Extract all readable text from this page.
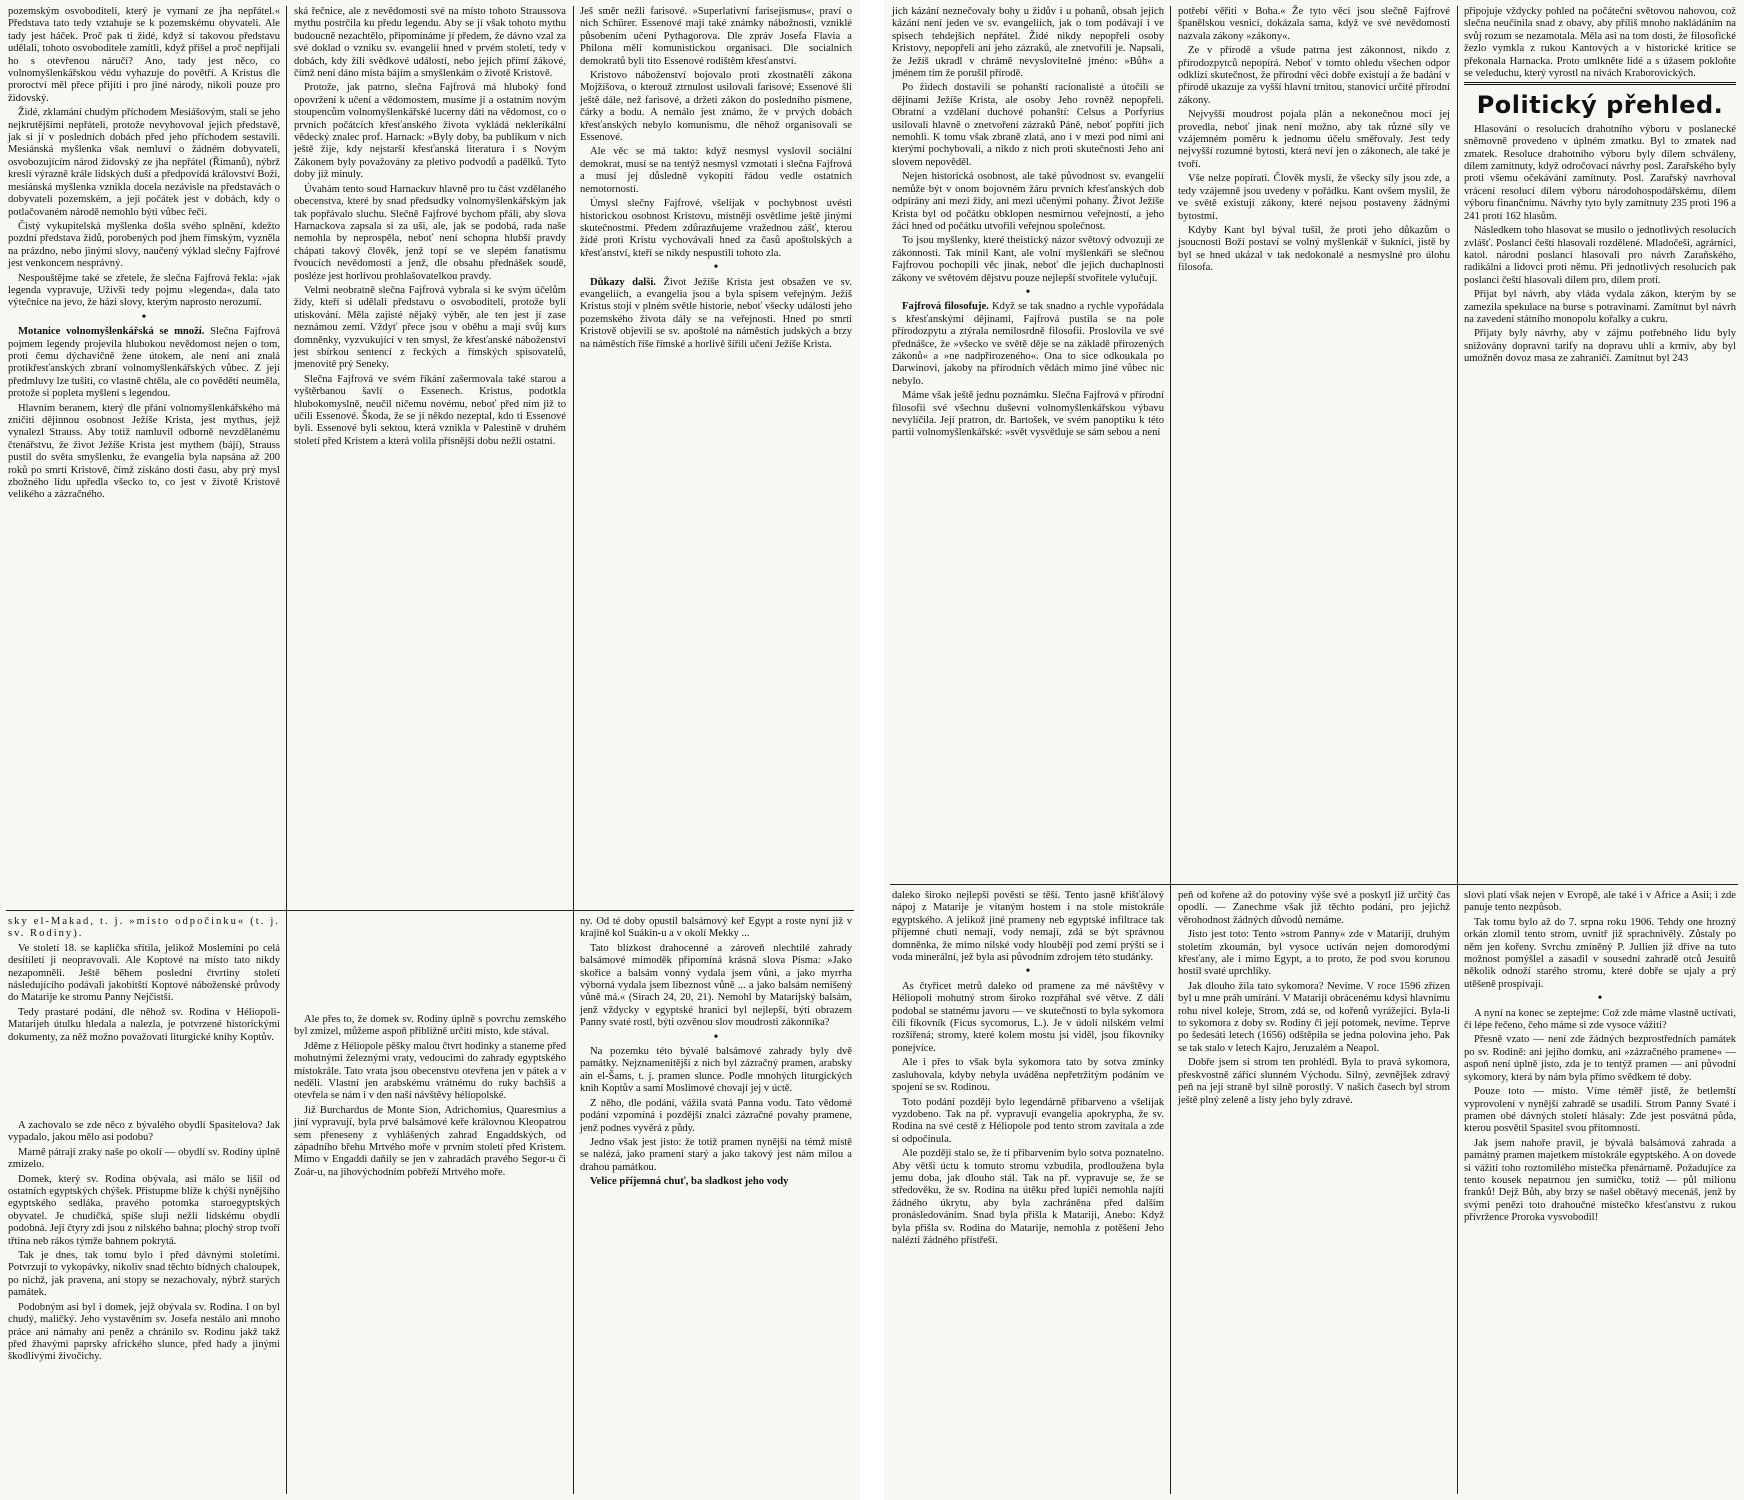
pozemským osvoboditeli, který je vymaní ze jha nepřátel.« Představa tato tedy vztahuje se k pozemskému obyvateli. Ale tady jest háček. Proč pak ti židé, když si takovou představu udělali, tohoto osvoboditele zamítli, když přišel a proč nepřijali ho s otevřenou náručí? Ano, tady jest něco, co volnomyšlenkářskou védu vyhazuje do povětří. A Kristus dle proroctví měl přece přijíti i pro jiné národy, nikoli pouze pro židovský.

Židé, zklamání chudým příchodem Mesiášovým, stali se jeho nejkrutějšími nepřáteli, protože nevyhovoval jejich představě, jak si jí v posledních dobách před jeho příchodem sestavili. Mesiánská myšlenka však nemluví o žádném dobyvateli, osvobozujícím národ židovský ze jha nepřátel (Římanů), nýbrž kreslí výrazně krále lidských duší a předpovídá království Boží, mesiánská myšlenka vznikla docela nezávisle na představách o dobyvateli pozemském, a její počátek jest v dobách, kdy o potlačovaném národě nemohlo býti vůbec řeči.

Čistý vykupitelská myšlenka došla svého splnění, kdežto pozdní představa židů, porobených pod jhem římským, vyzněla na prázdno, nebo jinými slovy, naučený výklad slečny Fajfrové jest venkoncem nesprávný.

Nespouštějme také se zřetele, že slečna Fajfrová řekla: »jak legenda vypravuje, Uživši tedy pojmu »legenda«, dala tato výtečnice na jevo, že házi slovy, kterým naprosto nerozumí.

•

Motanice volnomyšlenkářská se množí. Slečna Fajfrová pojmem legendy projevila hlubokou nevědomost nejen o tom, proti čemu dýchavičně žene útokem, ale není ani znalá protikřesťanských zbraní volnomyšlenkářských vůbec. Z její předmluvy lze tušiti, co vlastně chtěla, ale co povědětí neuměla, protože si popleta myšlení s legendou.

Hlavním beranem, který dle přání volnomyšlenkářského má zničiti dějinnou osobnost Ježíše Krista, jest mythus, jejž vynalezl Strauss. Aby totiž namluvil odborně nevzdělanému čtenářstvu, že život Ježíše Krista jest mythem (bájí), Strauss pustil do světa smyšlenku, že evangelia byla napsána až 200 roků po smrti Kristově, čímž získáno dosti času, aby prý mysl zbožného lidu upředla všecko to, co jest v životě Kristově velikého a zázračného.

sky el-Makad, t. j. »místo odpočinku« (t. j. sv. Rodiny).

Ve století 18. se kaplička sřítila, jelikož Moslemíni po celá desítiletí ji neopravovali. Ale Koptové na místo tato nikdy nezapomněli. Ještě během poslední čtvrtiny století následujícího podávali jakobitští Koptové náboženské průvody do Matarije ke stromu Panny Nejčistší.

Tedy prastaré podání, dle něhož sv. Rodina v Héliopoli-Matarijeh útulku hledala a nalezla, je potvrzené historickými dokumenty, za něž možno považovati liturgické knihy Koptův.

A zachovalo se zde něco z bývalého obydlí Spasitelova? Jak vypadalo, jakou mělo asi podobu?

Marně pátrají zraky naše po okolí — obydlí sv. Rodiny úplně zmizelo.

Domek, který sv. Rodina obývala, asi málo se lišil od ostatních egyptských chýšek. Přistupme blíže k chýši nynějšího egyptského sedláka, pravého potomka staroegyptských obyvatel. Je chudičká, spíše sluji nežli lidskému obydlí podobná. Její čtyry zdi jsou z nilského bahna; plochý strop tvoří třtina neb rákos týmže bahnem pokrytá.

Tak je dnes, tak tomu bylo i před dávnými stoletími. Potvrzují to vykopávky, nikoliv snad těchto bídných chaloupek, po nichž, jak pravena, ani stopy se nezachovaly, nýbrž starých památek.

Podobným asi byl i domek, jejž obývala sv. Rodina. I on byl chudý, maličký. Jeho vystavěním sv. Josefa nestálo ani mnoho práce ani námahy ani peněz a chránilo sv. Rodinu jakž takž před žhavými paprsky afrického slunce, před hady a jinými škodlivými živočichy.

ská řečnice, ale z nevědomosti své na místo tohoto Straussova mythu postrčila ku předu legendu. Aby se jí však tohoto mythu budoucně nezachtělo, připomínáme jí předem, že dávno vzal za své doklad o vzniku sv. evangelií hned v prvém století, tedy v dobách, kdy žili svědkové událostí, nebo jejich přímí žákové, čímž není dáno místa bájím a smyšlenkám o životě Kristově.

Protože, jak patrno, slečna Fajfrová má hluboký fond opovržení k učení a vědomostem, musíme jí a ostatním novým stoupencům volnomyšlenkářské lucerny dáti na vědomost, co o prvních počátcích křesťanského života vykládá nekleríkální vědecký znalec prof. Harnack: »Byly doby, ba publikum v nich ještě žije, kdy nejstarší křesťanská literatura i s Novým Zákonem byly považovány za pletivo podvodů a padělků. Tyto doby již minuly.

Úvahám tento soud Harnackuv hlavně pro tu část vzdělaného obecenstva, které by snad předsudky volnomyšlenkářským jak tak popřávalo sluchu. Slečně Fajfrové bychom přáli, aby slova Harnackova zapsala si za uši, ale, jak se podobá, rada naše nemohla by neprospěla, neboť není schopna hlubší pravdy chápati takový člověk, jenž topí se ve slepém fanatismu řvoucích nevědomostí a jenž, dle obsahu přednášek soudě, posléze jest horlivou prohlašovatelkou pravdy.

Velmi neobratně slečna Fajfrová vybrala si ke svým účelům židy, kteří si udělali představu o osvoboditeli, protože byli utiskování. Měla zajisté nějaký výběr, ale ten jest jí zase neznámou zemí. Vždyť přece jsou v oběhu a mají svůj kurs domněnky, vyzvukující v ten smysl, že křesťanské náboženství jest sbírkou sentencí z řeckých a římských spisovatelů, jmenovitě prý Seneky.

Slečna Fajfrová ve svém říkání zašermovala také starou a vyštěrbanou šavlí o Essenech. Kristus, podotkla hlubokomyslně, neučil ničemu novému, neboť před ním již to učili Essenové. Škoda, že se jí někdo nezeptal, kdo ti Essenové byli. Essenové byli sektou, která vznikla v Palestině v druhém století před Kristem a která volila přísnější dobu nežli ostatní.

Ale přes to, že domek sv. Rodiny úplně s povrchu zemského byl zmizel, můžeme aspoň přibližně určiti místo, kde stával.

Jděme z Héliopole pěšky malou čtvrt hodinky a staneme před mohutnými železnými vraty, vedoucími do zahrady egyptského místokrále. Tato vrata jsou obecenstvu otevřena jen v pátek a v neděli. Vlastní jen arabskému vrátnému do ruky bachšiš a otevřela se nám i v den naší návštěvy héliopolské.

Již Burchardus de Monte Sion, Adrichomius, Quaresmius a jiní vypravují, byla prvé balsámové keře královnou Kleopatrou sem přeneseny z vyhlášených zahrad Engaddských, od západního břehu Mrtvého moře v prvním století před Kristem. Mimo v Engaddi daňily se jen v zahradách pravého Segor-u či Zoár-u, na jihovýchodním pobřeží Mrtvého moře.

Ješ směr nežli farisové. »Superlativní farisejismus«, praví o nich Schürer. Essenové mají také známky nábožnosti, vzniklé působením učení Pythagorova. Dle zpráv Josefa Flavia a Philona měli komunistickou organisaci. Dle socialních demokratů byli tito Essenové rodištěm křesťanství.

Kristovo náboženství bojovalo proti zkostnatělí zákona Mojžíšova, o kterouž ztrnulost usilovali farisové; Essenové šli ještě dále, než farisové, a držeti zákon do posledního písmene, čárky a bodu. A nemálo jest známo, že v prvých dobách křesťanských nebylo komunismu, dle něhož organisovali se Essenové.

Ale věc se má takto: když nesmysl vyslovil sociální demokrat, musí se na tentýž nesmysl vzmotati i slečna Fajfrová a musí jej důsledně vykopíti řádou vedle ostatních nemotorností.

Úmysl slečny Fajfrové, všelijak v pochybnost uvésti historickou osobnost Kristovu, místněji osvětlime ještě jinými skutečnostmi. Předem zdůrazňujeme vražednou zášť, kterou židé proti Kristu vychovávali hned za časů apoštolských a křesťanství, kteří se nikdy nespustili tohoto zla.

•

Důkazy dalši. Život Ježíše Krista jest obsažen ve sv. evangeliích, a evangelia jsou a byla spisem veřejným. Ježíš Kristus stojí v plném světle historie, neboť všecky události jeho pozemského života dály se na veřejnosti. Hned po smrti Kristově objevili se sv. apoštolé na náměstích judských a brzy na náměstích říše římské a horlivě šířili učení Ježíše Krista.

ny. Od té doby opustil balsámový keř Egypt a roste nyní již v krajině kol Suákin-u a v okolí Mekky ...

Tato blízkost drahocenné a zároveň nlechtilé zahrady balsámové mimoděk připomíná krásná slova Písma: »Jako skořice a balsám vonný vydala jsem vůni, a jako myrrha výborná vydala jsem libeznost vůně ... a jako balsám nemíšený vůně má.« (Sirach 24, 20, 21). Nemohl by Matarijský balsám, jenž vždycky v egyptské hranici byl nejlepší, býti obrazem Panny svaté rostl, býti ozvěnou slov moudrosti zákonníka?

•

Na pozemku této bývalé balsámové zahrady byly dvě památky. Nejznamenitější z nich byl zázračný pramen, arabsky ain el-Šams, t. j. pramen slunce. Podle mnohých liturgických knih Koptův a samí Moslimové chovají jej v úctě.

Z něho, dle podání, vážila svatá Panna vodu. Tato vědomé podání vzpomíná i pozdější znalci zázračné povahy pramene, jenž podnes vyvěrá z půdy.

Jedno však jest jisto: že totiž pramen nynější na témž místě se nalézá, jako prameni starý a jako takový jest nám milou a drahou památkou.

Velice příjemná chuť, ba sladkost jeho vody

jich kázání neznečovaly bohy u židův i u pohanů, obsah jejich kázání není jeden ve sv. evangeliích, jak o tom podávají i ve spisech tehdejších nepřátel. Židé nikdy nepopřeli osoby Kristovy, nepopřeli ani jeho zázraků, ale znetvořili je. Napsali, že Ježíš ukradl v chrámě nevysloviteIné jméno: »Bůh« a jménem tím že porušil přírodě.

Po židech dostavili se pohanští racionalisté a útočili se dějinami Ježíše Krista, ale osoby Jeho rovněž nepopřeli. Obratní a vzdělaní duchové pohanští: Celsus a Porfyrius usilovali hlavně o znetvoření zázraků Páně, neboť popříti jich nemohli. K tomu však zbraně zlatá, ano i v mezi pod nimi ani kterými pochybovali, a nikdo z nich proti skutečnosti Jeho ani slovem nepověděl.

Nejen historická osobnost, ale také původnost sv. evangelií nemůže být v onom bojovném žáru prvních křesťanských dob odpírány ani mezi židy, ani mezi učenými pohany. Život Ježíše Krista byl od počátku obklopen nesmírnou veřejností, a jeho žáci hned od počátku utvořili veřejnou společnost.

To jsou myšlenky, které theistický názor světový odvozuji ze zákonnosti. Tak mínil Kant, ale volní myšlenkáři se slečnou Fajfrovou pochopili věc jinak, neboť dle jejich duchaplnosti zákony ve světovém dějstvu pouze nejlepší stvořitele vylučují.

•

Fajfrová filosofuje. Když se tak snadno a rychle vypořádala s křesťanskými dějinami, Fajfrová pustila se na pole přírodozpytu a ztýrala nemilosrdně filosofii. Proslovila ve své přednášce, že »všecko ve světě děje se na základě přirozených zákonů« a »ne nadpřirozeného«. Ona to sice odkoukala po Darwinovi, jakoby na přírodních vědách mimo jiné vůbec nic nebylo.

Máme však ještě jednu poznámku. Slečna Fajfrová v přírodní filosofii své všechnu duševní volnomyšlenkářskou výbavu nevylíčila. Její pratron, dr. Bartošek, ve svém panoptiku k této partii volnomyšlenkářské: »svět vysvětluje se sám sebou a není

daleko široko nejlepší pověsti se těší. Tento jasně křišťálový nápoj z Matarije je vítaným hostem i na stole místokrále egyptského. A jelikož jiné prameny neb egyptské infiltrace tak příjemné chuti nemají, vody nemají, zdá se být správnou domněnka, že mimo nilské vody hloubějí pod zemí prýští se i voda minerální, jež byla asi původním zdrojem této studánky.

•

As čtyřicet metrů daleko od pramene za mé návštěvy v Héliopoli mohutný strom široko rozpřáhal své větve. Z dáli podobal se statnému javoru — ve skutečnosti to byla sykomora čili fíkovník (Ficus sycomorus, L.). Je v údolí nilském velmi rozšířená; stromy, které kolem mostu jsi viděl, jsou fíkovníky ponejvíce.

Ale i přes to však byla sykomora tato by sotva zmínky zasluhovala, kdyby nebyla uváděna nepřetržitým podáním ve spojení se sv. Rodinou.

Toto podání později bylo legendárně přibarveno a všelijak vyzdobeno. Tak na př. vypravují evangelia apokrypha, že sv. Rodina na své cestě z Héliopole pod tento strom zavítala a zde si odpočinula.

Ale později stalo se, že ti přibarvením bylo sotva poznatelno. Aby větší úctu k tomuto stromu vzbudila, prodloužena byla jemu doba, jak dlouho stál. Tak na př. vypravuje se, že se středověku, že sv. Rodina na útěku před lupiči nemohla najíti žádného úkrytu, aby byla zachráněna před dalším pronásledováním. Snad byla přišla k Matariji, Anebo: Když byla přišla sv. Rodina do Matarije, nemohla z potěšení Jeho nalézti žádného přístřeší.

potřebí věřiti v Boha.« Že tyto věci jsou slečně Fajfrové španělskou vesnicí, dokázala sama, když ve své nevědomosti nazvala zákony »zákony«.

Ze v přírodě a všude patrna jest zákonnost, nikdo z přírodozpytců nepopírá. Neboť v tomto ohledu všechen odpor odklízí skutečnost, že přírodní věci dobře existují a že badání v přírodě ukazuje za vyšší hlavní trnitou, stanovicí určité přírodní zákony.

Nejvyšší moudrost pojala plán a nekonečnou mocí jej provedla, neboť jinak není možno, aby tak různé síly ve vzájemném poměru k jednomu účelu směřovaly. Jest tedy nejvyšší rozumné bytosti, která neví jen o zákonech, ale také je tvoří.

Vše nelze popírati. Člověk myslí, že všecky síly jsou zde, a tedy vzájemně jsou uvedeny v pořádku. Kant ovšem myslil, že ve světě existují zákony, které nejsou postaveny žádnými bytostmi.

Kdyby Kant byl býval tušil, že proti jeho důkazům o jsoucnosti Boží postaví se volný myšlenkář v šukníci, jistě by byl se hned ukázal v tak nedokonalé a nesmyslné pro úlohu filosofa.

peň od kořene až do potoviny výše své a poskytl již určitý čas opodlí. — Zanechme však již těchto podání, pro jejichž věrohodnost žádných důvodů nemáme.

Jisto jest toto: Tento »strom Panny« zde v Matariji, druhým stoletím zkoumán, byl vysoce uctíván nejen domorodými křesťany, ale i mimo Egypt, a to proto, že pod svou korunou hostil svaté uprchlíky.

Jak dlouho žila tato sykomora? Nevíme. V roce 1596 zřízen byl u mne práh umírání. V Matariji obrácenému kdysi hlavnímu rohu nivel koleje, Strom, zdá se, od kořenů vyrážející. Byla-li to sykomora z doby sv. Rodiny či její potomek, nevíme. Teprve po šedesáti letech (1656) odštěpila se jedna polovina jeho. Pak se tak stalo v letech Kajro, Jeruzalém a Neapol.

Dobře jsem si strom ten prohlédl. Byla to pravá sykomora, přeskvostně zářící slunném Východu. Silný, zevnějšek zdravý peň na její straně byl silně porostlý. V našich časech byl strom ještě plný zeleně a listy jeho byly zdravé.

připojuje vždycky pohled na počáteční světovou nahovou, což slečna neučinila snad z obavy, aby příliš mnoho nakládáním na svůj rozum se nezamotala. Měla asi na tom dosti, že filosofické žezlo vymkla z rukou Kantových a v historické kritice se překonala Harnacka. Proto umlkněte lidé a s úžasem pokloňte se veleduchu, který vyrostl na nivách Kraborovických.

Politický přehled.

Hlasování o resolucích drahotního výboru v poslanecké sněmovně provedeno v úplném zmatku. Byl to zmatek nad zmatek. Resoluce drahotního výboru byly dílem schváleny, dílem zamítnuty, když odročovací návrhy posl. Zarařského byly proti všemu očekávání zamítnuty. Posl. Zarařský navrhoval vrácení resolucí dílem výboru národohospodářskému, dílem výboru finančnímu. Návrhy tyto byly zamítnuty 235 proti 196 a 241 proti 162 hlasům.

Následkem toho hlasovat se musilo o jednotlivých resolucích zvlášť. Poslanci čeští hlasovali rozdělené. Mladočeši, agrárníci, katol. národní poslanci hlasovali pro návrh Zaraňského, radikálni a lidovci proti němu. Při jednotlivých resolucích pak poslanci čeští hlasovali dílem pro, dílem proti.

Přijat byl návrh, aby vláda vydala zákon, kterým by se zamezila spekulace na burse s potravinami. Zamítnut byl návrh na zavedení státního monopolu kořalky a cukru.

Přijaty byly návrhy, aby v zájmu potřebného lidu byly snižovány dopravní tarify na dopravu uhlí a krmiv, aby byl umožněn dovoz masa ze zahraničí. Zamítnut byl 243

slovi platí však nejen v Evropě, ale také i v Africe a Asii; i zde panuje tento nezpůsob.

Tak tomu bylo až do 7. srpna roku 1906. Tehdy one hrozný orkán zlomil tento strom, uvnitř již sprachnivělý. Zůstaly po něm jen kořeny. Svrchu zmíněný P. Jullien již dříve na tuto možnost pomýšlel a zasadil v sousední zahradě otců Jesuitů několik odnoží starého stromu, které dobře se ujaly a prý utěšeně prospívají.

•

A nyní na konec se zeptejme: Což zde máme vlastně uctívati, či lépe řečeno, čeho máme si zde vysoce vážiti?

Přesně vzato — není zde žádných bezprostředních památek po sv. Rodině: ani jejího domku, ani »zázračného pramene« — aspoň není úplně jisto, zda je to tentýž pramen — ani původní sykomory, která by nám byla přímo svědkem té doby.

Pouze toto — místo. Víme téměř jistě, že betlemští vyprovolení v nynější zahradě se usadili. Strom Panny Svaté i pramen obé dávných století hlásaly: Zde jest posvátná půda, kterou posvětil Spasitel svou přítomností.

Jak jsem nahoře pravil, je bývalá balsámová zahrada a památný pramen majetkem místokrále egyptského. A on dovede si vážiti toho roztomilého místečka přenárnamě. Požadujíce za tento kousek nepatrnou jen sumičku, totiž — půl milionu franků! Dejž Bůh, aby brzy se našel obětavý mecenáš, jenž by svými penězi toto drahoučné místečko křesťanstvu z rukou přívržence Proroka vysvobodil!
